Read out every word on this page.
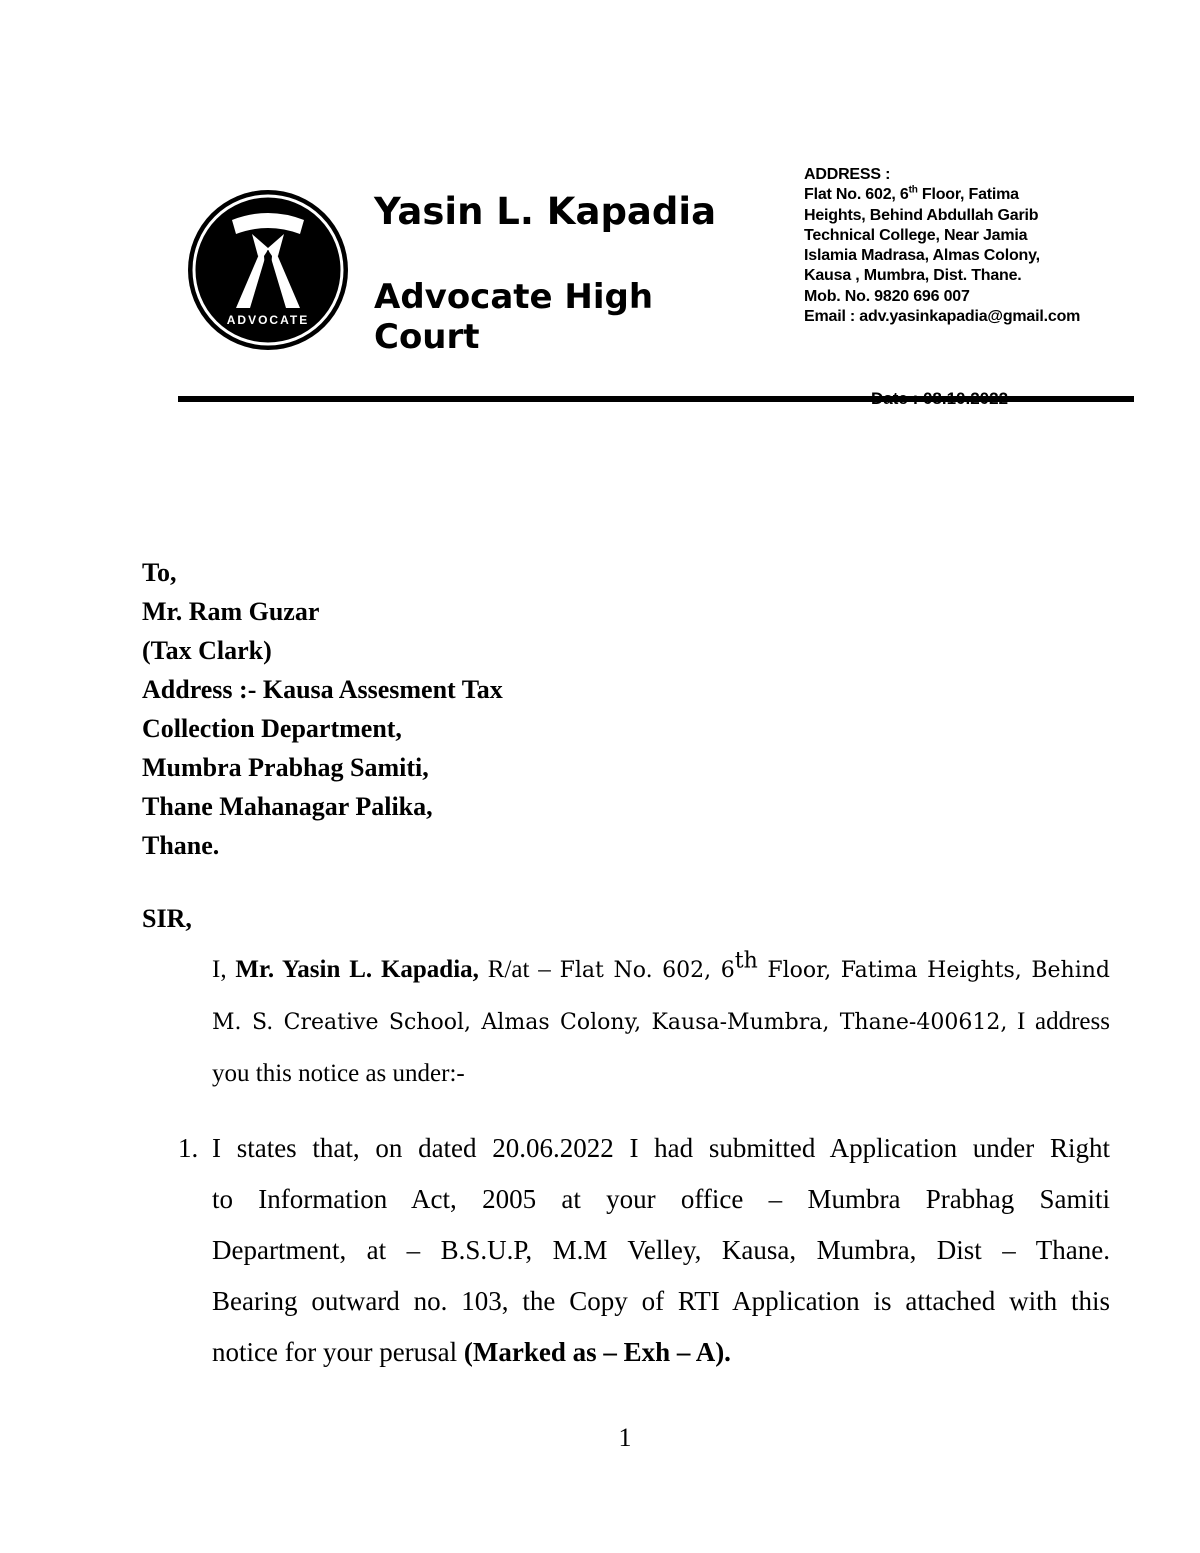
ADVOCATE
Yasin L. Kapadia
Advocate High Court
ADDRESS :
Flat No. 602, 6th Floor, Fatima
Heights, Behind Abdullah Garib
Technical College, Near Jamia
Islamia Madrasa, Almas Colony,
Kausa , Mumbra, Dist. Thane.
Mob. No. 9820 696 007
Email : adv.yasinkapadia@gmail.com
To,
Mr. Ram Guzar
(Tax Clark)
Address :- Kausa Assesment Tax
Collection Department,
Mumbra Prabhag Samiti,
Thane Mahanagar Palika,
Thane.
SIR,
I, Mr. Yasin L. Kapadia, R/at – Flat No. 602, 6th Floor, Fatima Heights, Behind M. S. Creative School, Almas Colony, Kausa-Mumbra, Thane-400612, I address you this notice as under:-
1. I states that, on dated 20.06.2022 I had submitted Application under Right
to Information Act, 2005 at your office – Mumbra Prabhag Samiti
Department, at – B.S.U.P, M.M Velley, Kausa, Mumbra, Dist – Thane.
Bearing outward no. 103, the Copy of RTI Application is attached with this
notice for your perusal (Marked as – Exh – A).
1
